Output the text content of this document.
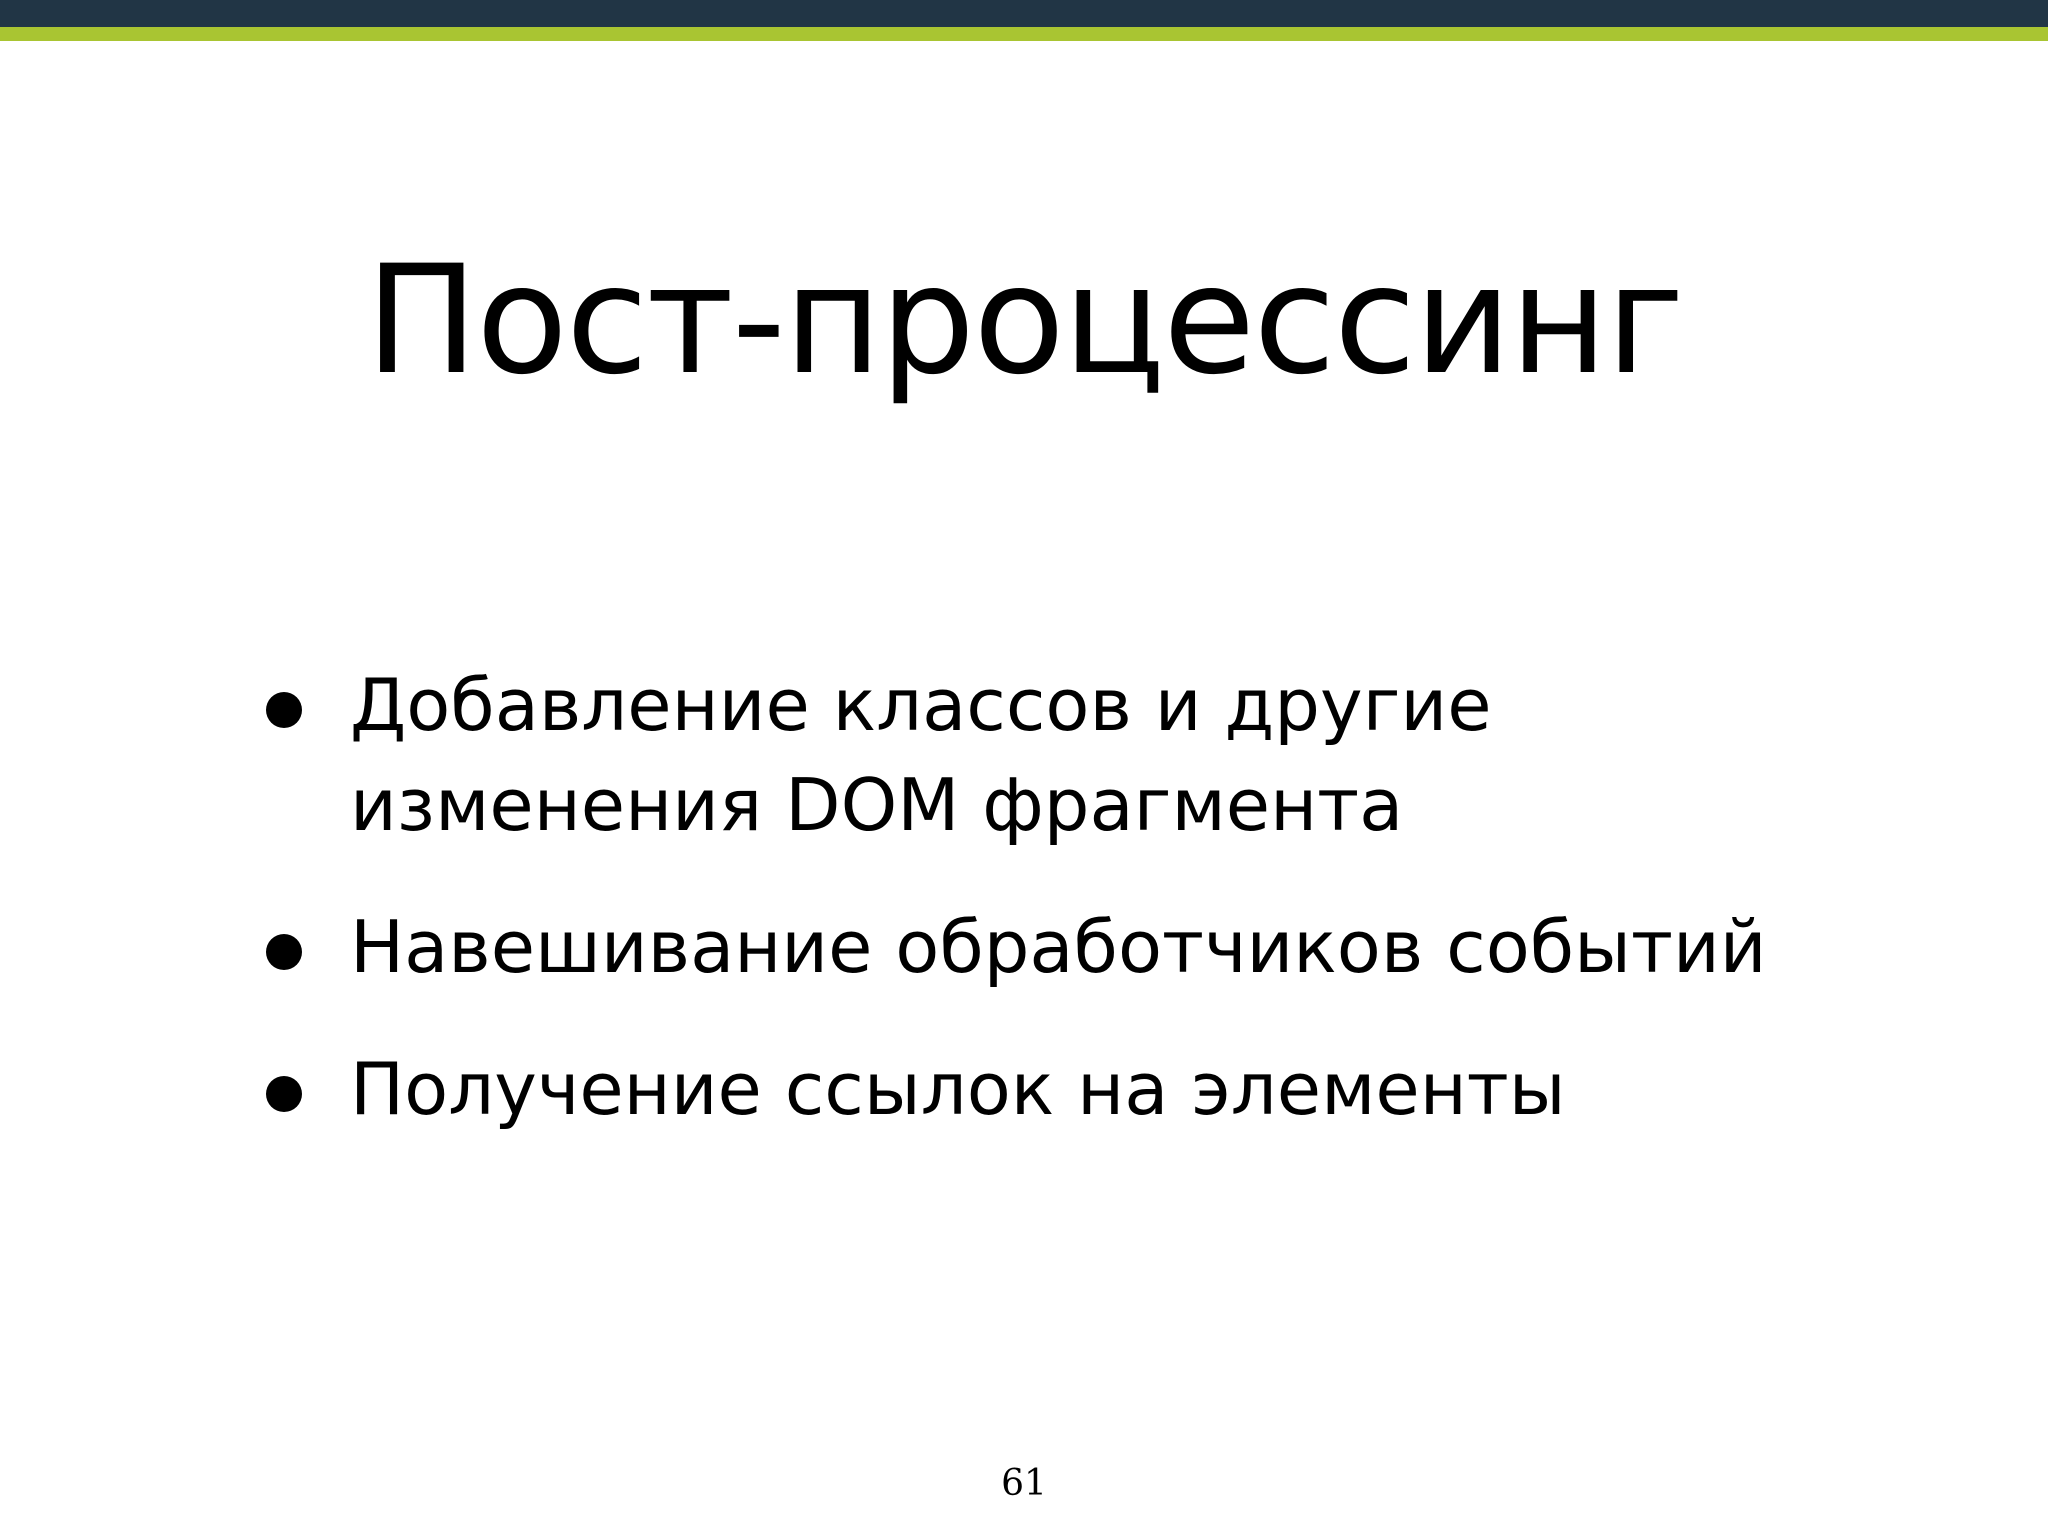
Пост-процессинг
Добавление классов и другие изменения DOM фрагмента
Навешивание обработчиков событий
Получение ссылок на элементы
61
